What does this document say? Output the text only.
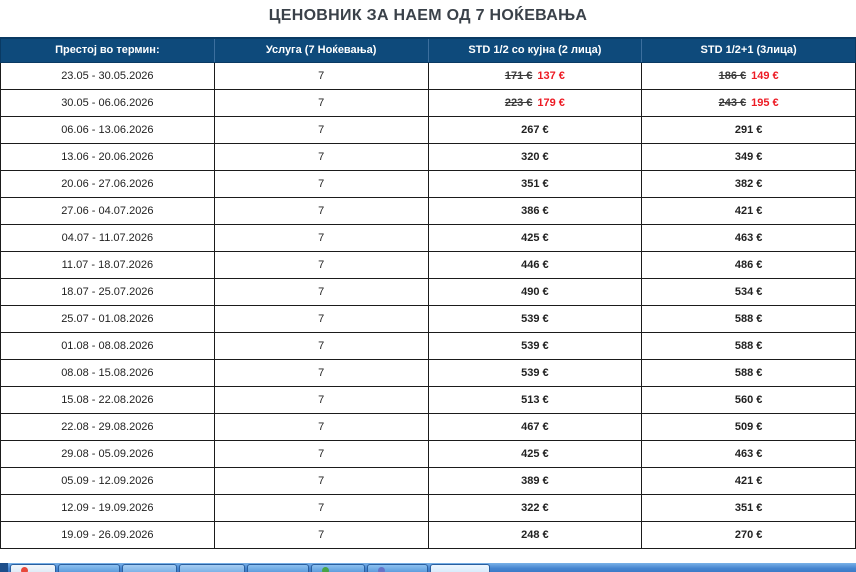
ЦЕНОВНИК ЗА НАЕМ ОД 7 НОЌЕВАЊА
Престој во термин:	Услуга (7 Ноќевања)	STD 1/2 со кујна (2 лица)	STD 1/2+1 (3лица)
23.05 - 30.05.2026	7	171 € 137 €	186 € 149 €
30.05 - 06.06.2026	7	223 € 179 €	243 € 195 €
06.06 - 13.06.2026	7	267 €	291 €
13.06 - 20.06.2026	7	320 €	349 €
20.06 - 27.06.2026	7	351 €	382 €
27.06 - 04.07.2026	7	386 €	421 €
04.07 - 11.07.2026	7	425 €	463 €
11.07 - 18.07.2026	7	446 €	486 €
18.07 - 25.07.2026	7	490 €	534 €
25.07 - 01.08.2026	7	539 €	588 €
01.08 - 08.08.2026	7	539 €	588 €
08.08 - 15.08.2026	7	539 €	588 €
15.08 - 22.08.2026	7	513 €	560 €
22.08 - 29.08.2026	7	467 €	509 €
29.08 - 05.09.2026	7	425 €	463 €
05.09 - 12.09.2026	7	389 €	421 €
12.09 - 19.09.2026	7	322 €	351 €
19.09 - 26.09.2026	7	248 €	270 €
